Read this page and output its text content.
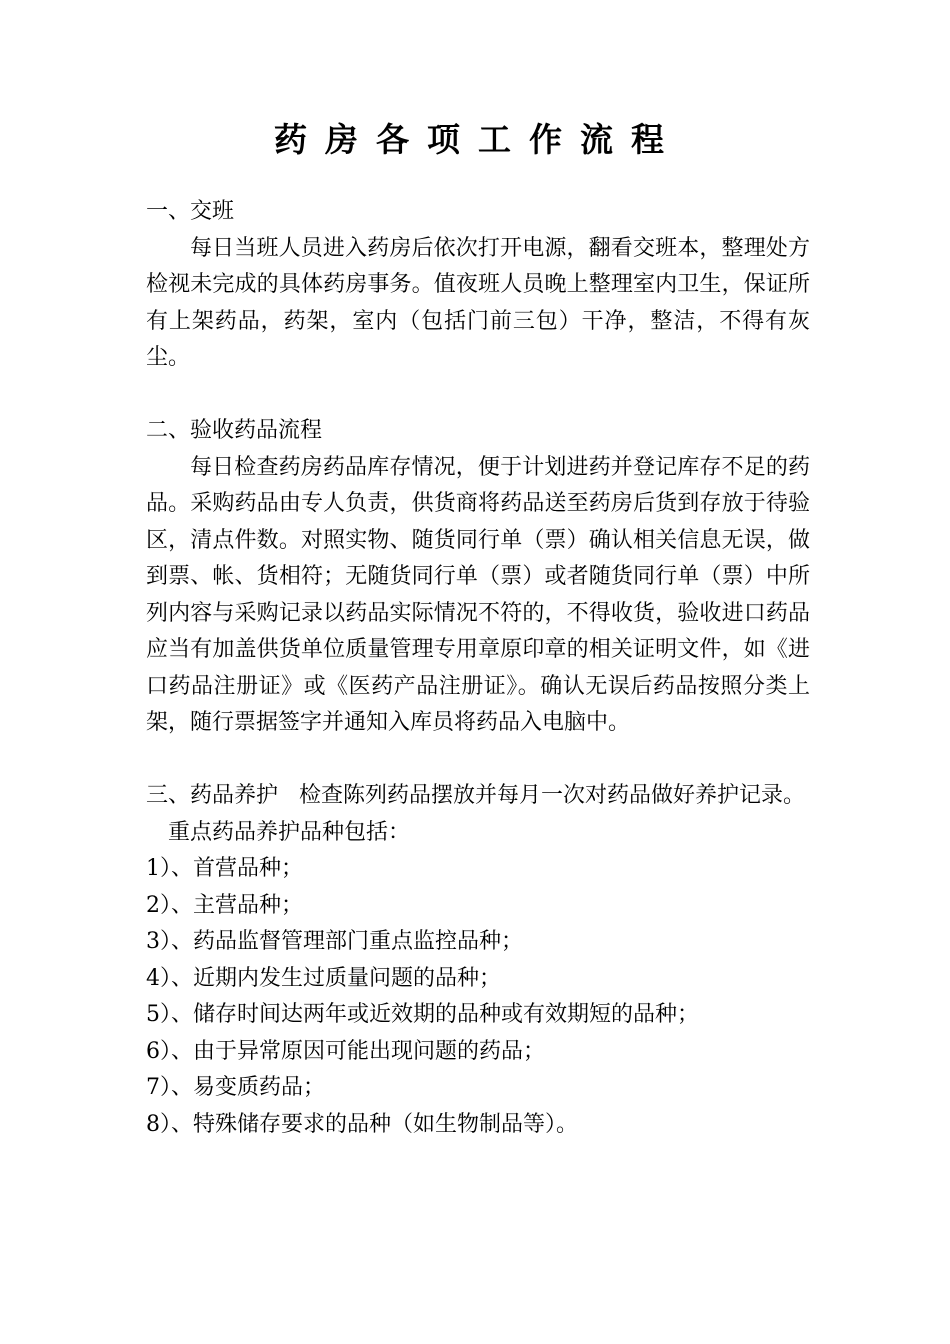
药房各项工作流程

一、交班

每日当班人员进入药房后依次打开电源，翻看交班本，整理处方检视未完成的具体药房事务。值夜班人员晚上整理室内卫生，保证所有上架药品，药架，室内（包括门前三包）干净，整洁，不得有灰尘。

二、验收药品流程

每日检查药房药品库存情况，便于计划进药并登记库存不足的药品。采购药品由专人负责，供货商将药品送至药房后货到存放于待验区，清点件数。对照实物、随货同行单（票）确认相关信息无误，做到票、帐、货相符；无随货同行单（票）或者随货同行单（票）中所列内容与采购记录以药品实际情况不符的，不得收货，验收进口药品应当有加盖供货单位质量管理专用章原印章的相关证明文件，如《进口药品注册证》或《医药产品注册证》。确认无误后药品按照分类上架，随行票据签字并通知入库员将药品入电脑中。

三、药品养护 检查陈列药品摆放并每月一次对药品做好养护记录。

重点药品养护品种包括：

1）、首营品种；
2）、主营品种；
3）、药品监督管理部门重点监控品种；
4）、近期内发生过质量问题的品种；
5）、储存时间达两年或近效期的品种或有效期短的品种；
6）、由于异常原因可能出现问题的药品；
7）、易变质药品；
8）、特殊储存要求的品种（如生物制品等）。
